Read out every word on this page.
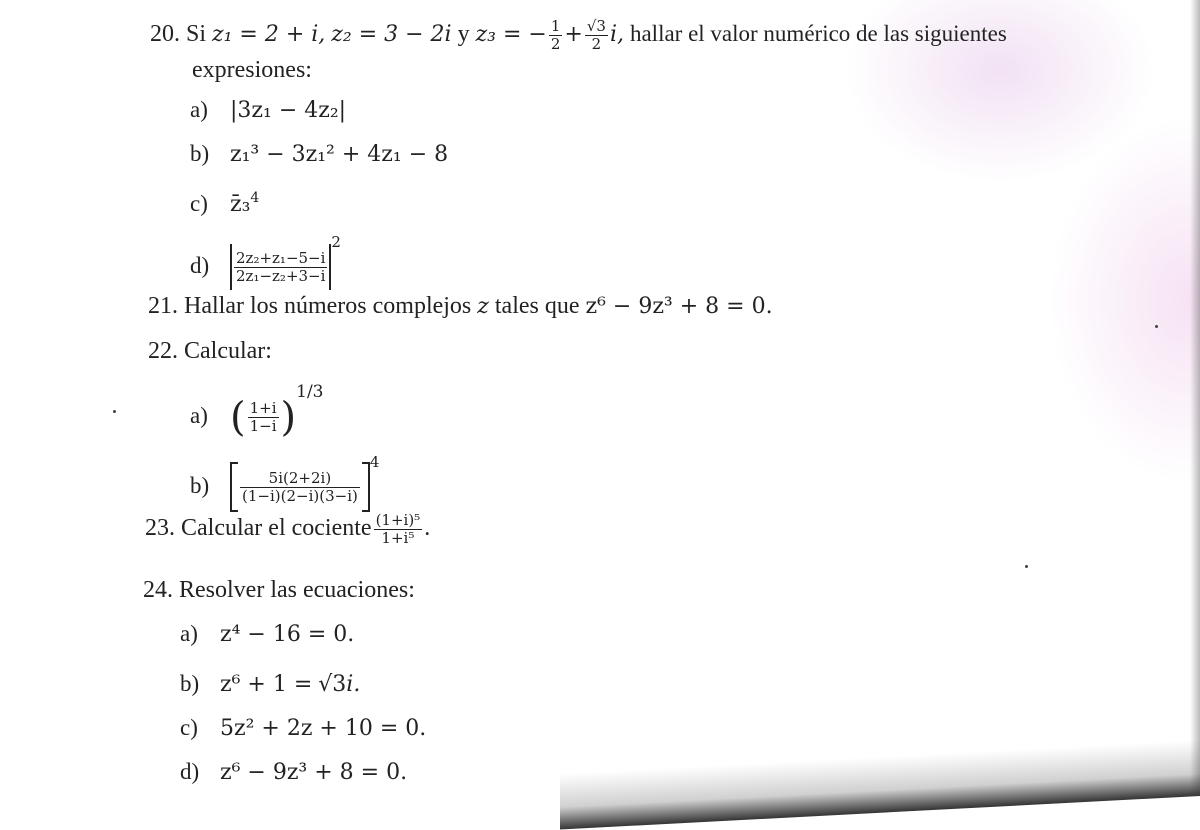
20. Si z₁ = 2 + i, z₂ = 3 − 2i y z₃ = − $\frac{1}{2} + \frac{√3}{2} i$, hallar el valor numérico de las siguientes
expresiones:
a) |3z₁ − 4z₂|
b) z₁³ − 3z₁² + 4z₁ − 8
c) z̄₃$^4$
$d) \frac{\text{2z₂+z₁−5−i}}{\text{2z₁−z₂+3−i}}$
$^2$
21. Hallar los números complejos z tales que z⁶ − 9z³ + 8 = 0.
22. Calcular:
a) ( $\frac{1+i}{1-i} )^{1/3}$
$b) \frac{5i(2+2i)}{(1-i)(2-i)(3-i)}$
$^4$
23. Calcular el cociente $\frac{\text{(1+i)⁵}}{\text{1+i⁵}}$ .
24. Resolver las ecuaciones:
a) z⁴ − 16 = 0.
b) z⁶ + 1 = √3i.
c) 5z² + 2z + 10 = 0.
d) z⁶ − 9z³ + 8 = 0.
